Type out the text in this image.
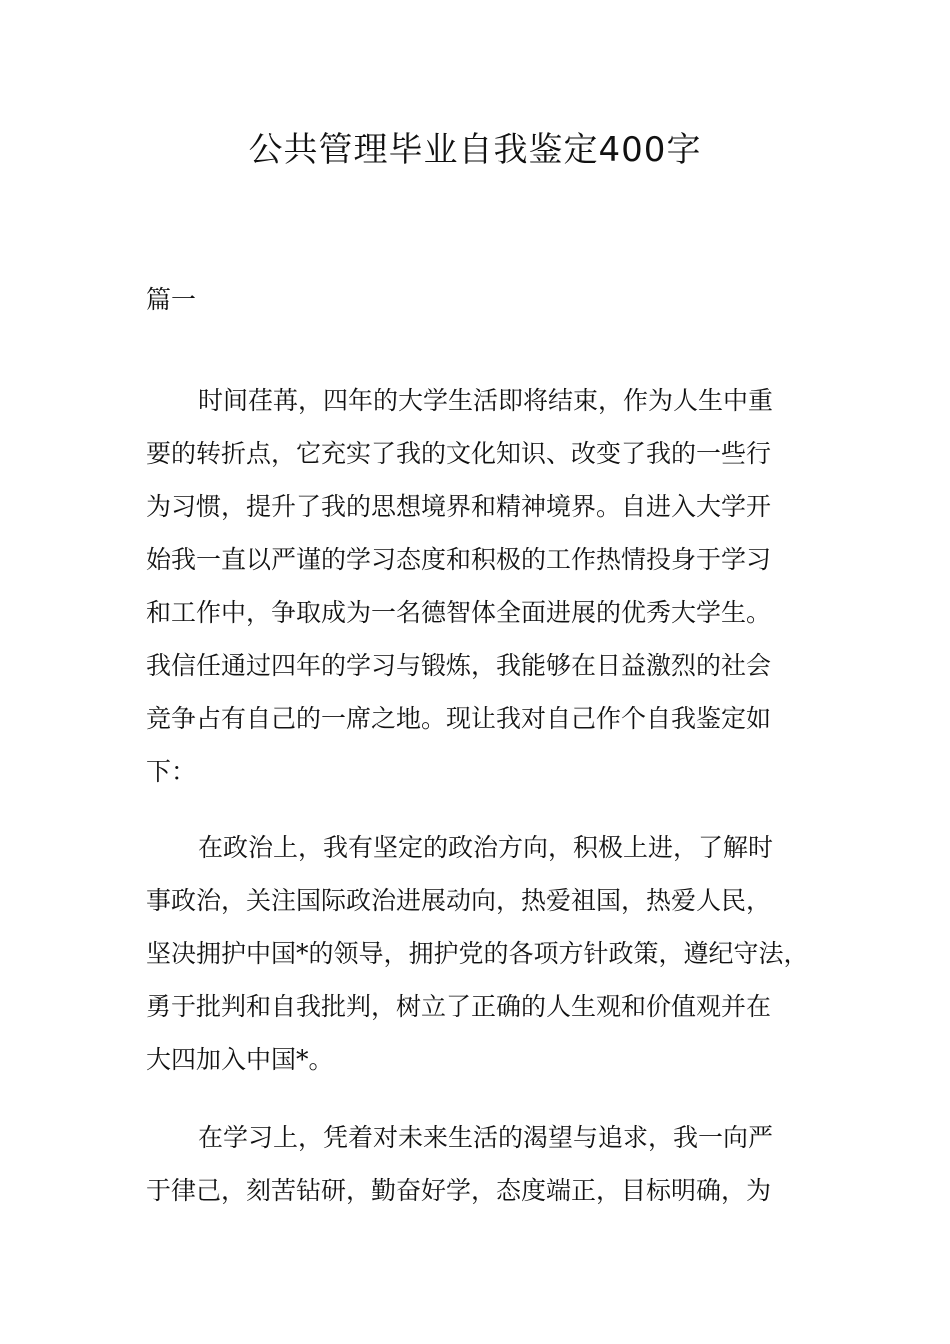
公共管理毕业自我鉴定400字
篇一
时间荏苒，四年的大学生活即将结束，作为人生中重
要的转折点，它充实了我的文化知识、改变了我的一些行
为习惯，提升了我的思想境界和精神境界。自进入大学开
始我一直以严谨的学习态度和积极的工作热情投身于学习
和工作中，争取成为一名德智体全面进展的优秀大学生。
我信任通过四年的学习与锻炼，我能够在日益激烈的社会
竞争占有自己的一席之地。现让我对自己作个自我鉴定如
下：
在政治上，我有坚定的政治方向，积极上进，了解时
事政治，关注国际政治进展动向，热爱祖国，热爱人民，
坚决拥护中国*的领导，拥护党的各项方针政策，遵纪守法，
勇于批判和自我批判，树立了正确的人生观和价值观并在
大四加入中国*。
在学习上，凭着对未来生活的渴望与追求，我一向严
于律己，刻苦钻研，勤奋好学，态度端正，目标明确，为
